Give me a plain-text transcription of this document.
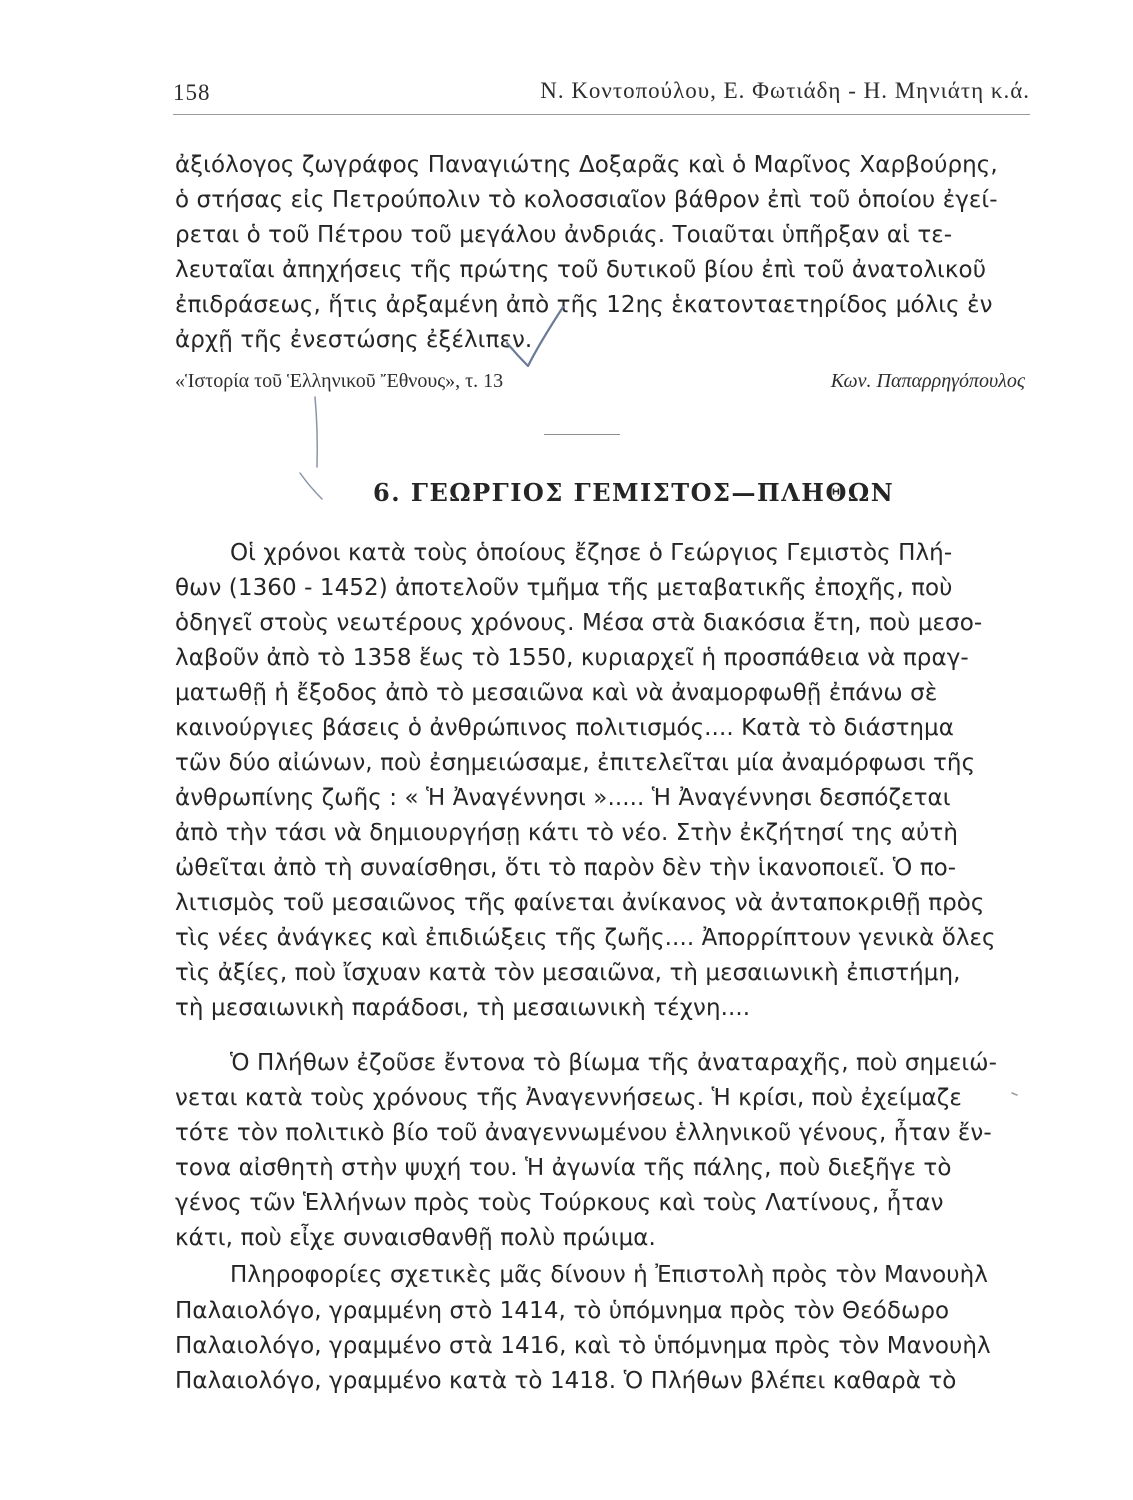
158	Ν. Κοντοπούλου, Ε. Φωτιάδη - Η. Μηνιάτη κ.ά.
ἀξιόλογος ζωγράφος Παναγιώτης Δοξαρᾶς καὶ ὁ Μαρῖνος Χαρβούρης,
ὁ στήσας εἰς Πετρούπολιν τὸ κολοσσιαῖον βάθρον ἐπὶ τοῦ ὁποίου ἐγεί-
ρεται ὁ τοῦ Πέτρου τοῦ μεγάλου ἀνδριάς. Τοιαῦται ὑπῆρξαν αἱ τε-
λευταῖαι ἀπηχήσεις τῆς πρώτης τοῦ δυτικοῦ βίου ἐπὶ τοῦ ἀνατολικοῦ
ἐπιδράσεως, ἥτις ἀρξαμένη ἀπὸ τῆς 12ης ἑκατονταετηρίδος μόλις ἐν
ἀρχῇ τῆς ἐνεστώσης ἐξέλιπεν.
«Ἱστορία τοῦ Ἑλληνικοῦ Ἔθνους», τ. 13	Κων. Παπαρρηγόπουλος
6. ΓΕΩΡΓΙΟΣ ΓΕΜΙΣΤΟΣ—ΠΛΗΘΩΝ
Οἱ χρόνοι κατὰ τοὺς ὁποίους ἔζησε ὁ Γεώργιος Γεμιστὸς Πλή-
θων (1360 - 1452) ἀποτελοῦν τμῆμα τῆς μεταβατικῆς ἐποχῆς, ποὺ
ὁδηγεῖ στοὺς νεωτέρους χρόνους. Μέσα στὰ διακόσια ἔτη, ποὺ μεσο-
λαβοῦν ἀπὸ τὸ 1358 ἕως τὸ 1550, κυριαρχεῖ ἡ προσπάθεια νὰ πραγ-
ματωθῇ ἡ ἔξοδος ἀπὸ τὸ μεσαιῶνα καὶ νὰ ἀναμορφωθῇ ἐπάνω σὲ
καινούργιες βάσεις ὁ ἀνθρώπινος πολιτισμός.... Κατὰ τὸ διάστημα
τῶν δύο αἰώνων, ποὺ ἐσημειώσαμε, ἐπιτελεῖται μία ἀναμόρφωσι τῆς
ἀνθρωπίνης ζωῆς : « Ἡ Ἀναγέννησι »..... Ἡ Ἀναγέννησι δεσπόζεται
ἀπὸ τὴν τάσι νὰ δημιουργήσῃ κάτι τὸ νέο. Στὴν ἐκζήτησί της αὐτὴ
ὠθεῖται ἀπὸ τὴ συναίσθησι, ὅτι τὸ παρὸν δὲν τὴν ἱκανοποιεῖ. Ὁ πο-
λιτισμὸς τοῦ μεσαιῶνος τῆς φαίνεται ἀνίκανος νὰ ἀνταποκριθῇ πρὸς
τὶς νέες ἀνάγκες καὶ ἐπιδιώξεις τῆς ζωῆς.... Ἀπορρίπτουν γενικὰ ὅλες
τὶς ἀξίες, ποὺ ἴσχυαν κατὰ τὸν μεσαιῶνα, τὴ μεσαιωνικὴ ἐπιστήμη,
τὴ μεσαιωνικὴ παράδοσι, τὴ μεσαιωνικὴ τέχνη....
Ὁ Πλήθων ἐζοῦσε ἔντονα τὸ βίωμα τῆς ἀναταραχῆς, ποὺ σημειώ-
νεται κατὰ τοὺς χρόνους τῆς Ἀναγεννήσεως. Ἡ κρίσι, ποὺ ἐχείμαζε
τότε τὸν πολιτικὸ βίο τοῦ ἀναγεννωμένου ἑλληνικοῦ γένους, ἦταν ἔν-
τονα αἰσθητὴ στὴν ψυχή του. Ἡ ἀγωνία τῆς πάλης, ποὺ διεξῆγε τὸ
γένος τῶν Ἑλλήνων πρὸς τοὺς Τούρκους καὶ τοὺς Λατίνους, ἦταν
κάτι, ποὺ εἶχε συναισθανθῇ πολὺ πρώιμα.
Πληροφορίες σχετικὲς μᾶς δίνουν ἡ Ἐπιστολὴ πρὸς τὸν Μανουὴλ
Παλαιολόγο, γραμμένη στὸ 1414, τὸ ὑπόμνημα πρὸς τὸν Θεόδωρο
Παλαιολόγο, γραμμένο στὰ 1416, καὶ τὸ ὑπόμνημα πρὸς τὸν Μανουὴλ
Παλαιολόγο, γραμμένο κατὰ τὸ 1418. Ὁ Πλήθων βλέπει καθαρὰ τὸ
